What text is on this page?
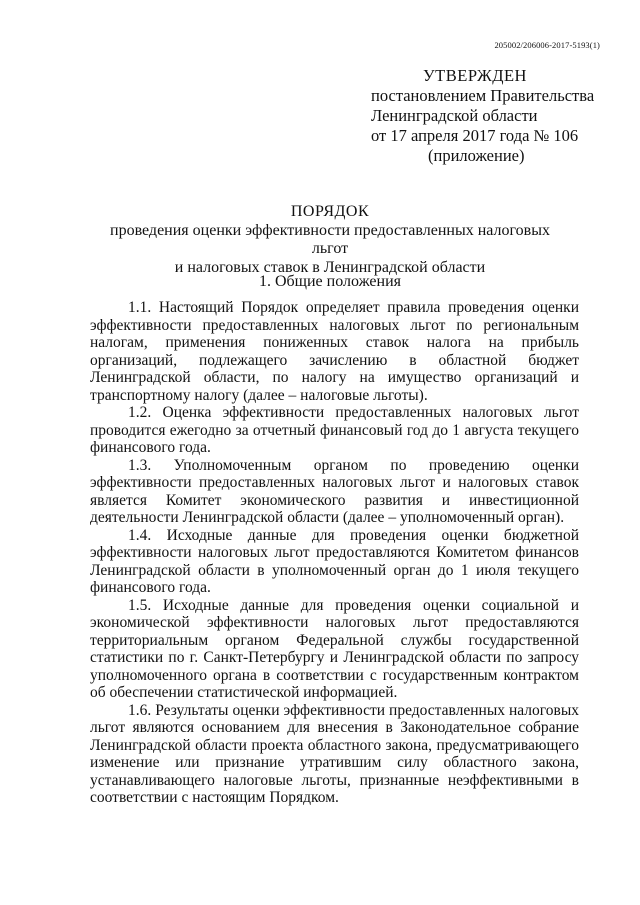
205002/206006-2017-5193(1)
УТВЕРЖДЕН
постановлением Правительства
Ленинградской области
от 17 апреля 2017 года № 106
(приложение)
ПОРЯДОК
проведения оценки эффективности предоставленных налоговых льгот
и налоговых ставок в Ленинградской области
1. Общие положения

1.1. Настоящий Порядок определяет правила проведения оценки эффективности предоставленных налоговых льгот по региональным налогам, применения пониженных ставок налога на прибыль организаций, подлежащего зачислению в областной бюджет Ленинградской области, по налогу на имущество организаций и транспортному налогу (далее – налоговые льготы).

1.2. Оценка эффективности предоставленных налоговых льгот проводится ежегодно за отчетный финансовый год до 1 августа текущего финансового года.

1.3. Уполномоченным органом по проведению оценки эффективности предоставленных налоговых льгот и налоговых ставок является Комитет экономического развития и инвестиционной деятельности Ленинградской области (далее – уполномоченный орган).

1.4. Исходные данные для проведения оценки бюджетной эффективности налоговых льгот предоставляются Комитетом финансов Ленинградской области в уполномоченный орган до 1 июля текущего финансового года.

1.5. Исходные данные для проведения оценки социальной и экономической эффективности налоговых льгот предоставляются территориальным органом Федеральной службы государственной статистики по г. Санкт-Петербургу и Ленинградской области по запросу уполномоченного органа в соответствии с государственным контрактом об обеспечении статистической информацией.

1.6. Результаты оценки эффективности предоставленных налоговых льгот являются основанием для внесения в Законодательное собрание Ленинградской области проекта областного закона, предусматривающего изменение или признание утратившим силу областного закона, устанавливающего налоговые льготы, признанные неэффективными в соответствии с настоящим Порядком.
